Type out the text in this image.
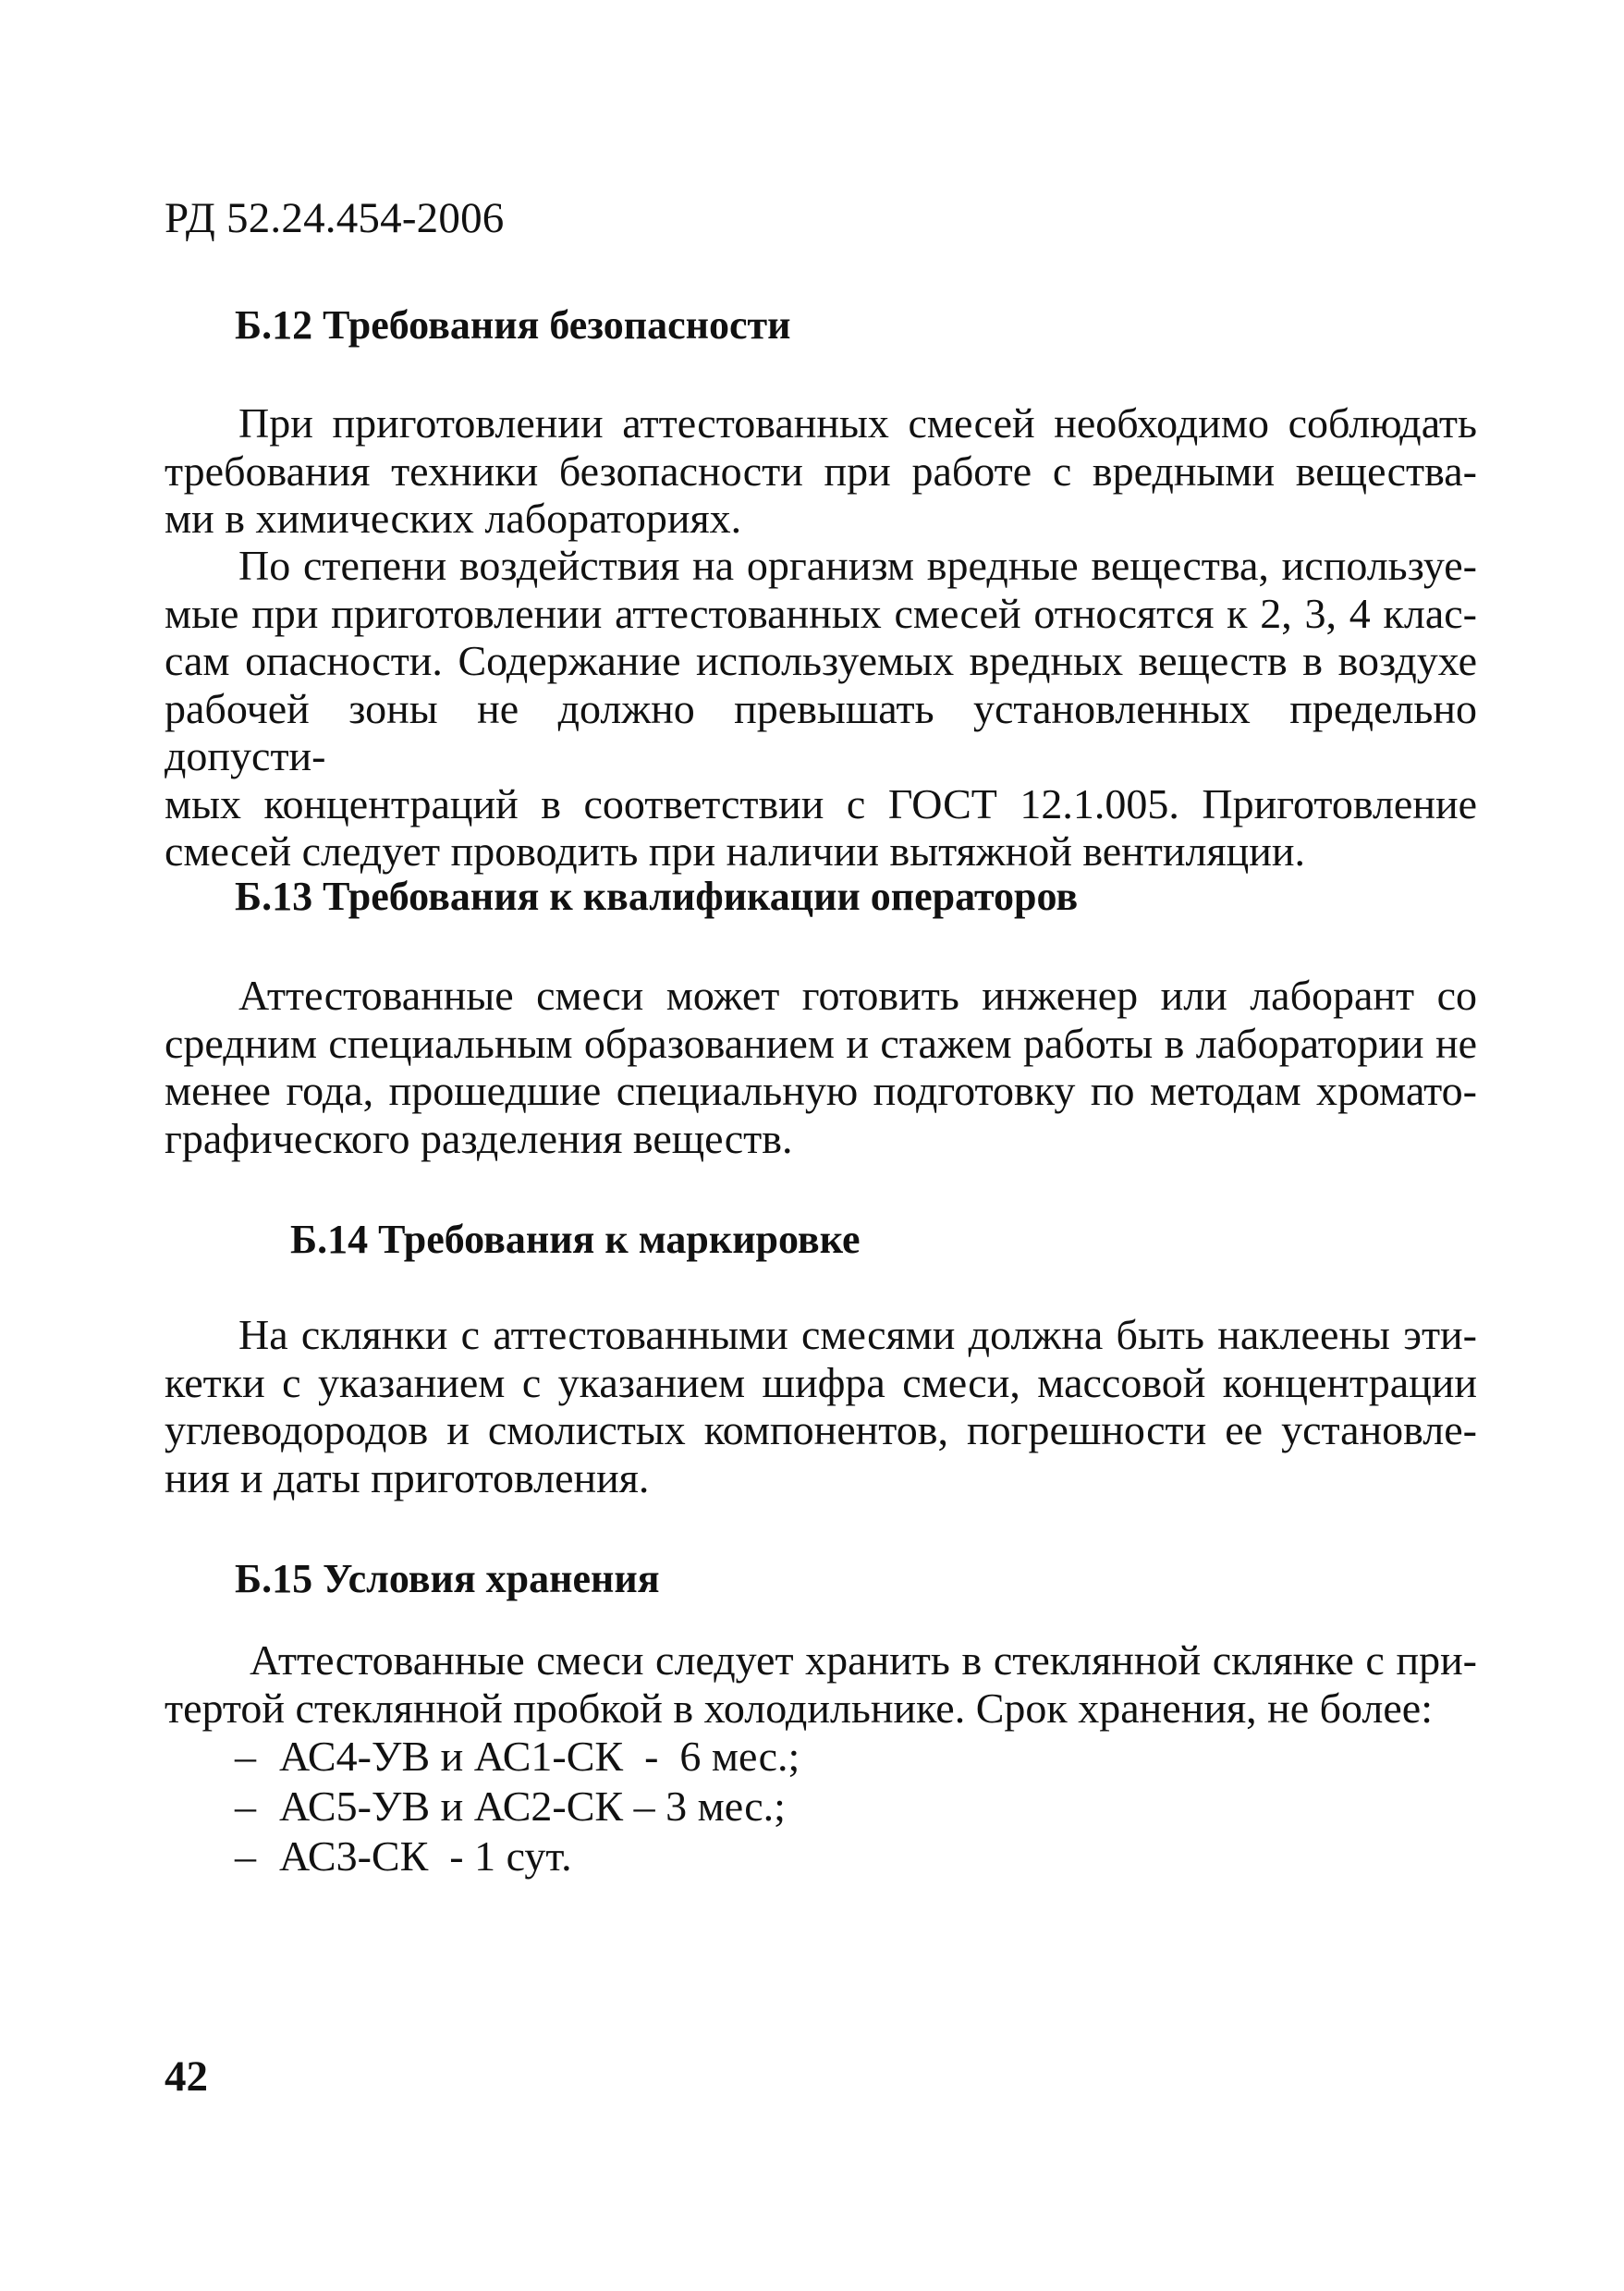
РД 52.24.454-2006
Б.12 Требования безопасности
При приготовлении аттестованных смесей необходимо соблюдать
требования техники безопасности при работе с вредными вещества-
ми в химических лабораториях.
По степени воздействия на организм вредные вещества, используе-
мые при приготовлении аттестованных смесей относятся к 2, 3, 4 клас-
сам опасности. Содержание используемых вредных веществ в воздухе
рабочей зоны не должно превышать установленных предельно допусти-
мых концентраций в соответствии с ГОСТ 12.1.005. Приготовление
смесей следует проводить при наличии вытяжной вентиляции.
Б.13 Требования к квалификации операторов
Аттестованные смеси может готовить инженер или лаборант со
средним специальным образованием и стажем работы в лаборатории не
менее года, прошедшие специальную подготовку по методам хромато-
графического разделения веществ.
Б.14 Требования к маркировке
На склянки с аттестованными смесями должна быть наклеены эти-
кетки с указанием с указанием шифра смеси, массовой концентрации
углеводородов и смолистых компонентов, погрешности ее установле-
ния и даты приготовления.
Б.15 Условия хранения
Аттестованные смеси следует хранить в стеклянной склянке с при-
тертой стеклянной пробкой в холодильнике. Срок хранения, не более:
– АС4-УВ и АС1-СК  -  6 мес.;
– АС5-УВ и АС2-СК – 3 мес.;
– АС3-СК  - 1 сут.
42
